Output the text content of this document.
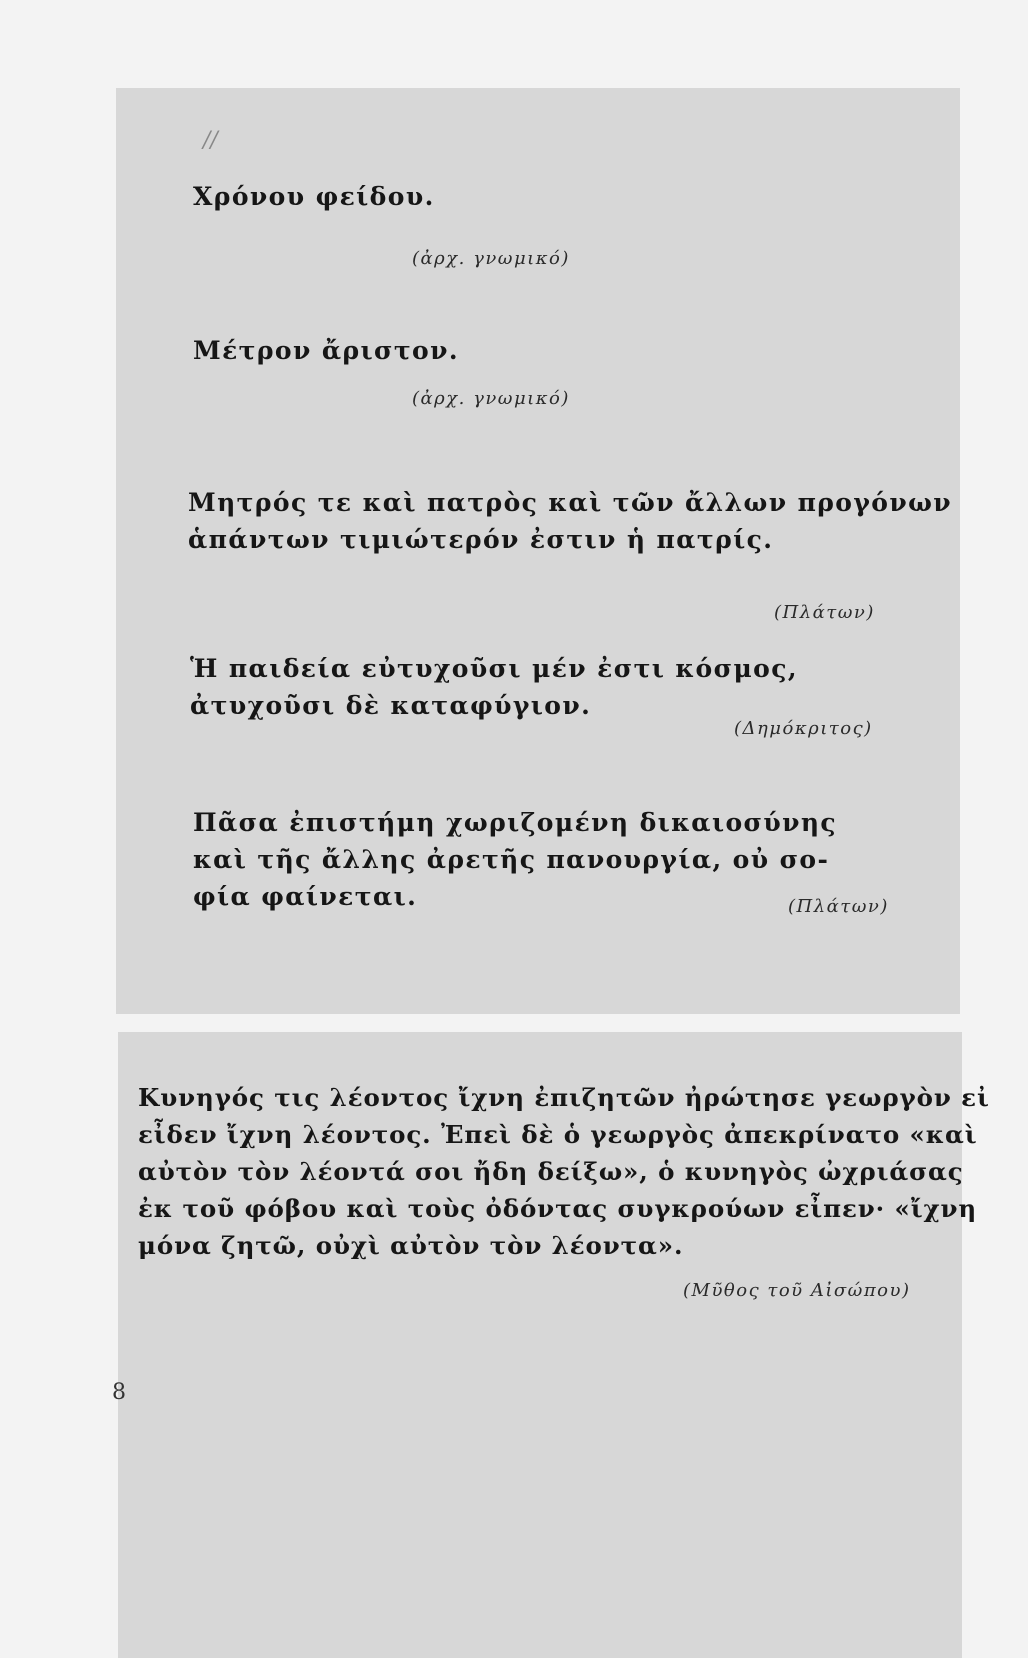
//
Χρόνου φείδου.
(ἀρχ. γνωμικό)
Μέτρον ἄριστον.
(ἀρχ. γνωμικό)
Μητρός τε καὶ πατρὸς καὶ τῶν ἄλλων προγόνων
ἁπάντων τιμιώτερόν ἐστιν ἡ πατρίς.
(Πλάτων)
Ἡ παιδεία εὐτυχοῦσι μέν ἐστι κόσμος,
ἀτυχοῦσι δὲ καταφύγιον.
(Δημόκριτος)
Πᾶσα ἐπιστήμη χωριζομένη δικαιοσύνης
καὶ τῆς ἄλλης ἀρετῆς πανουργία, οὐ σο-
φία φαίνεται.	(Πλάτων)
Κυνηγός τις λέοντος ἴχνη ἐπιζητῶν ἠρώτησε γεωργὸν εἰ
εἶδεν ἴχνη λέοντος. Ἐπεὶ δὲ ὁ γεωργὸς ἀπεκρίνατο «καὶ
αὐτὸν τὸν λέοντά σοι ἤδη δείξω», ὁ κυνηγὸς ὠχριάσας
ἐκ τοῦ φόβου καὶ τοὺς ὀδόντας συγκρούων εἶπεν· «ἴχνη
μόνα ζητῶ, οὐχὶ αὐτὸν τὸν λέοντα».
(Μῦθος τοῦ Αἰσώπου)
8
